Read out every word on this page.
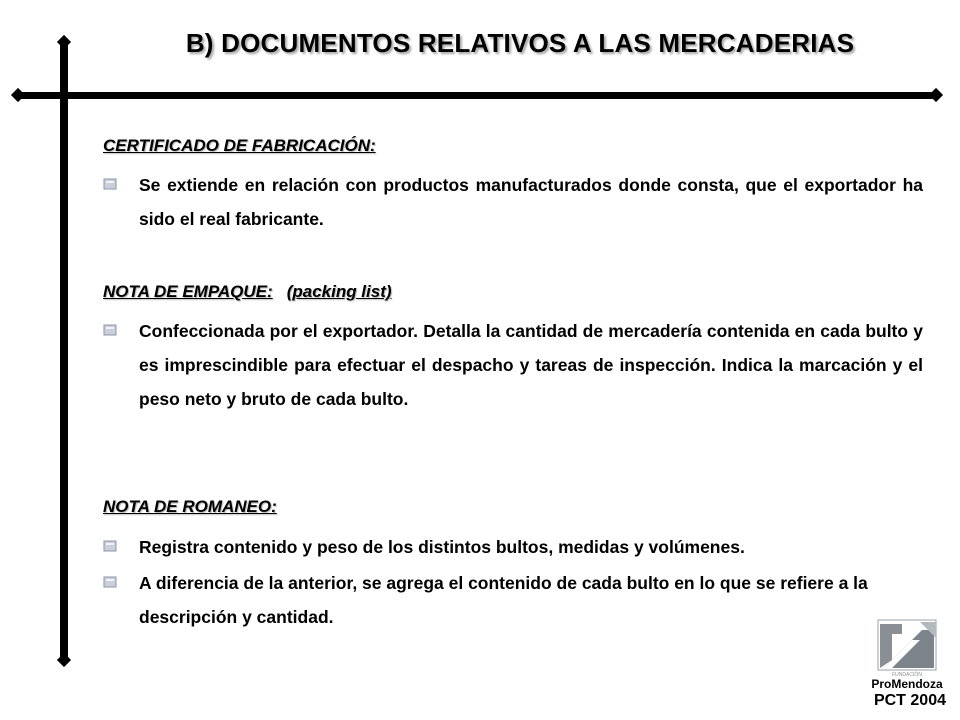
B) DOCUMENTOS RELATIVOS A LAS MERCADERIAS
CERTIFICADO DE FABRICACIÓN:
Se extiende en relación con productos manufacturados donde consta, que el exportador ha sido el real fabricante.
NOTA DE EMPAQUE: (packing list)
Confeccionada por el exportador. Detalla la cantidad de mercadería contenida en cada bulto y es imprescindible para efectuar el despacho y tareas de inspección. Indica la marcación y el peso neto y bruto de cada bulto.
NOTA DE ROMANEO:
Registra contenido y peso de los distintos bultos, medidas y volúmenes.
A diferencia de la anterior, se agrega el contenido de cada bulto en lo que se refiere a la descripción y cantidad.
FUNDACIÓN
ProMendoza
PCT 2004
